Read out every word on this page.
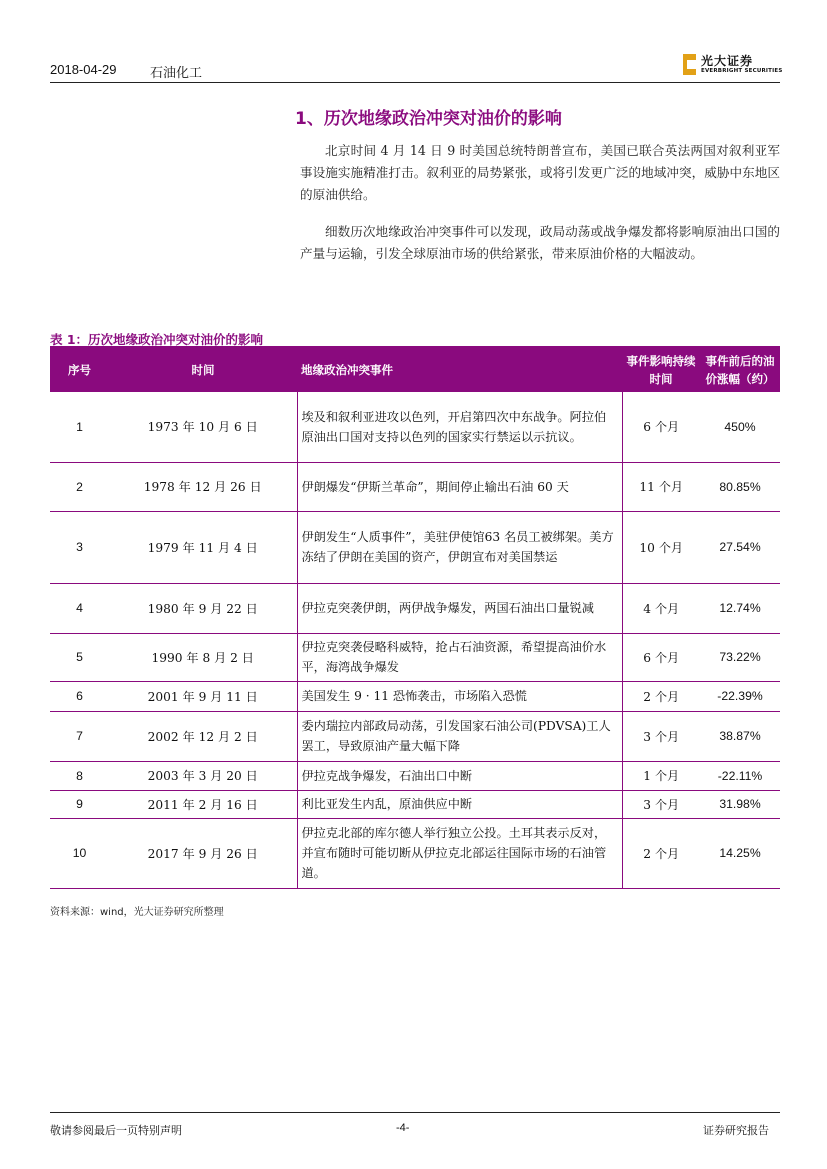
2018-04-29	石油化工
光大证券
EVERBRIGHT SECURITIES
1、历次地缘政治冲突对油价的影响
北京时间 4 月 14 日 9 时美国总统特朗普宣布，美国已联合英法两国对叙利亚军事设施实施精准打击。叙利亚的局势紧张，或将引发更广泛的地域冲突，威胁中东地区的原油供给。
细数历次地缘政治冲突事件可以发现，政局动荡或战争爆发都将影响原油出口国的产量与运输，引发全球原油市场的供给紧张，带来原油价格的大幅波动。
表 1：历次地缘政治冲突对油价的影响
序号	时间	地缘政治冲突事件	事件影响持续时间	事件前后的油价涨幅（约）
1	1973 年 10 月 6 日	埃及和叙利亚进攻以色列，开启第四次中东战争。阿拉伯原油出口国对支持以色列的国家实行禁运以示抗议。	6 个月	450%
2	1978 年 12 月 26 日	伊朗爆发“伊斯兰革命”，期间停止输出石油 60 天	11 个月	80.85%
3	1979 年 11 月 4 日	伊朗发生“人质事件”，美驻伊使馆63 名员工被绑架。美方冻结了伊朗在美国的资产，伊朗宣布对美国禁运	10 个月	27.54%
4	1980 年 9 月 22 日	伊拉克突袭伊朗，两伊战争爆发，两国石油出口量锐减	4 个月	12.74%
5	1990 年 8 月 2 日	伊拉克突袭侵略科威特，抢占石油资源，希望提高油价水平，海湾战争爆发	6 个月	73.22%
6	2001 年 9 月 11 日	美国发生 9 · 11 恐怖袭击，市场陷入恐慌	2 个月	-22.39%
7	2002 年 12 月 2 日	委内瑞拉内部政局动荡，引发国家石油公司(PDVSA)工人罢工，导致原油产量大幅下降	3 个月	38.87%
8	2003 年 3 月 20 日	伊拉克战争爆发，石油出口中断	1 个月	-22.11%
9	2011 年 2 月 16 日	利比亚发生内乱，原油供应中断	3 个月	31.98%
10	2017 年 9 月 26 日	伊拉克北部的库尔德人举行独立公投。土耳其表示反对，并宣布随时可能切断从伊拉克北部运往国际市场的石油管道。	2 个月	14.25%
资料来源：wind，光大证券研究所整理
敬请参阅最后一页特别声明	-4-	证券研究报告
